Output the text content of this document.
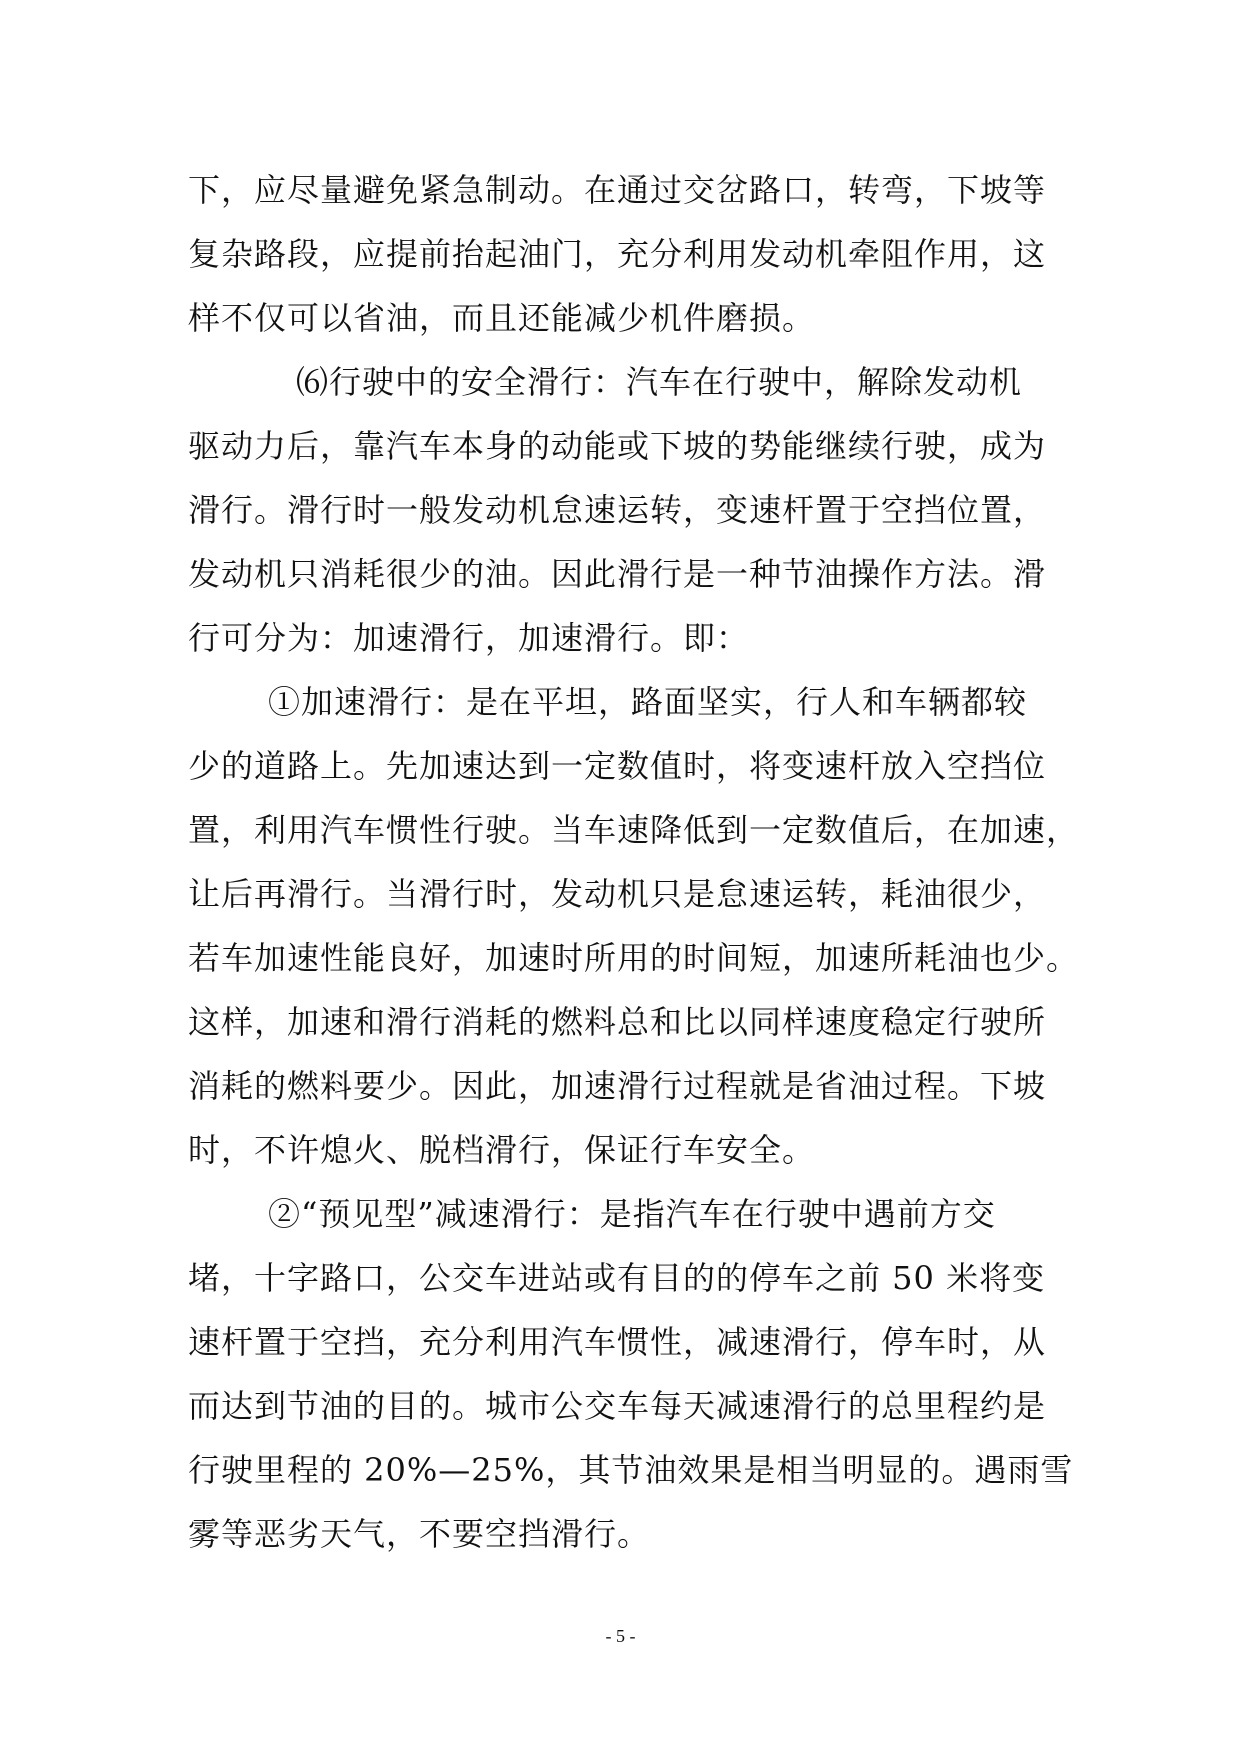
下，应尽量避免紧急制动。在通过交岔路口，转弯，下坡等
复杂路段，应提前抬起油门，充分利用发动机牵阻作用，这
样不仅可以省油，而且还能减少机件磨损。
⑹行驶中的安全滑行：汽车在行驶中，解除发动机
驱动力后，靠汽车本身的动能或下坡的势能继续行驶，成为
滑行。滑行时一般发动机怠速运转，变速杆置于空挡位置，
发动机只消耗很少的油。因此滑行是一种节油操作方法。滑
行可分为：加速滑行，加速滑行。即：
①加速滑行：是在平坦，路面坚实，行人和车辆都较
少的道路上。先加速达到一定数值时，将变速杆放入空挡位
置，利用汽车惯性行驶。当车速降低到一定数值后，在加速，
让后再滑行。当滑行时，发动机只是怠速运转，耗油很少，
若车加速性能良好，加速时所用的时间短，加速所耗油也少。
这样，加速和滑行消耗的燃料总和比以同样速度稳定行驶所
消耗的燃料要少。因此，加速滑行过程就是省油过程。下坡
时，不许熄火、脱档滑行，保证行车安全。
②“预见型”减速滑行：是指汽车在行驶中遇前方交
堵，十字路口，公交车进站或有目的的停车之前 50 米将变
速杆置于空挡，充分利用汽车惯性，减速滑行，停车时，从
而达到节油的目的。城市公交车每天减速滑行的总里程约是
行驶里程的 20%—25%，其节油效果是相当明显的。遇雨雪
雾等恶劣天气，不要空挡滑行。
- 5 -
